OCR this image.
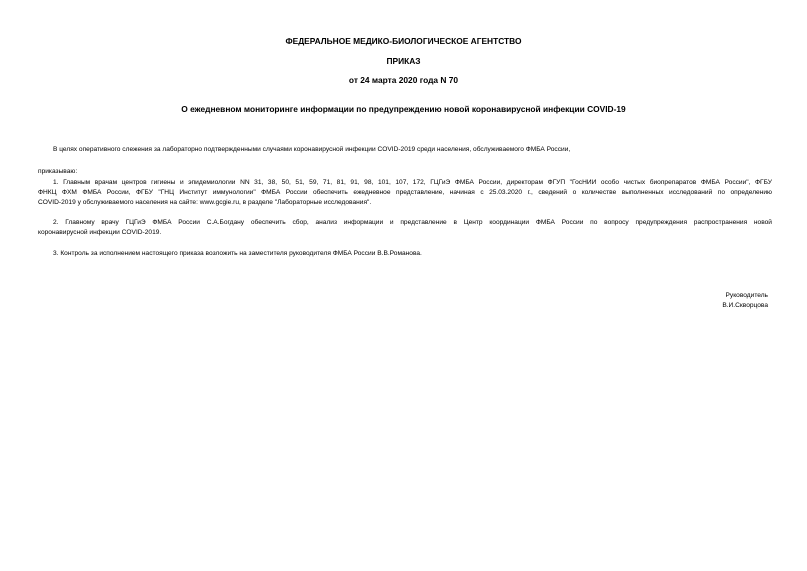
ФЕДЕРАЛЬНОЕ МЕДИКО-БИОЛОГИЧЕСКОЕ АГЕНТСТВО
ПРИКАЗ
от 24 марта 2020 года N 70
О ежедневном мониторинге информации по предупреждению новой коронавирусной инфекции COVID-19

В целях оперативного слежения за лабораторно подтвержденными случаями коронавирусной инфекции COVID-2019 среди населения, обслуживаемого ФМБА России,

приказываю:

1. Главным врачам центров гигиены и эпидемиологии NN 31, 38, 50, 51, 59, 71, 81, 91, 98, 101, 107, 172, ГЦГиЭ ФМБА России, директорам ФГУП "ГосНИИ особо чистых биопрепаратов ФМБА России", ФГБУ

ФНКЦ ФХМ ФМБА России, ФГБУ "ГНЦ Институт иммунологии" ФМБА России обеспечить ежедневное представление, начиная с 25.03.2020 г., сведений о количестве выполненных исследований по определению

COVID-2019 у обслуживаемого населения на сайте: www.gcgie.ru, в разделе "Лабораторные исследования".

2. Главному врачу ГЦГиЭ ФМБА России С.А.Богдану обеспечить сбор, анализ информации и представление в Центр координации ФМБА России по вопросу предупреждения распространения новой

коронавирусной инфекции COVID-2019.

3. Контроль за исполнением настоящего приказа возложить на заместителя руководителя ФМБА России В.В.Романова.

Руководитель
В.И.Скворцова
